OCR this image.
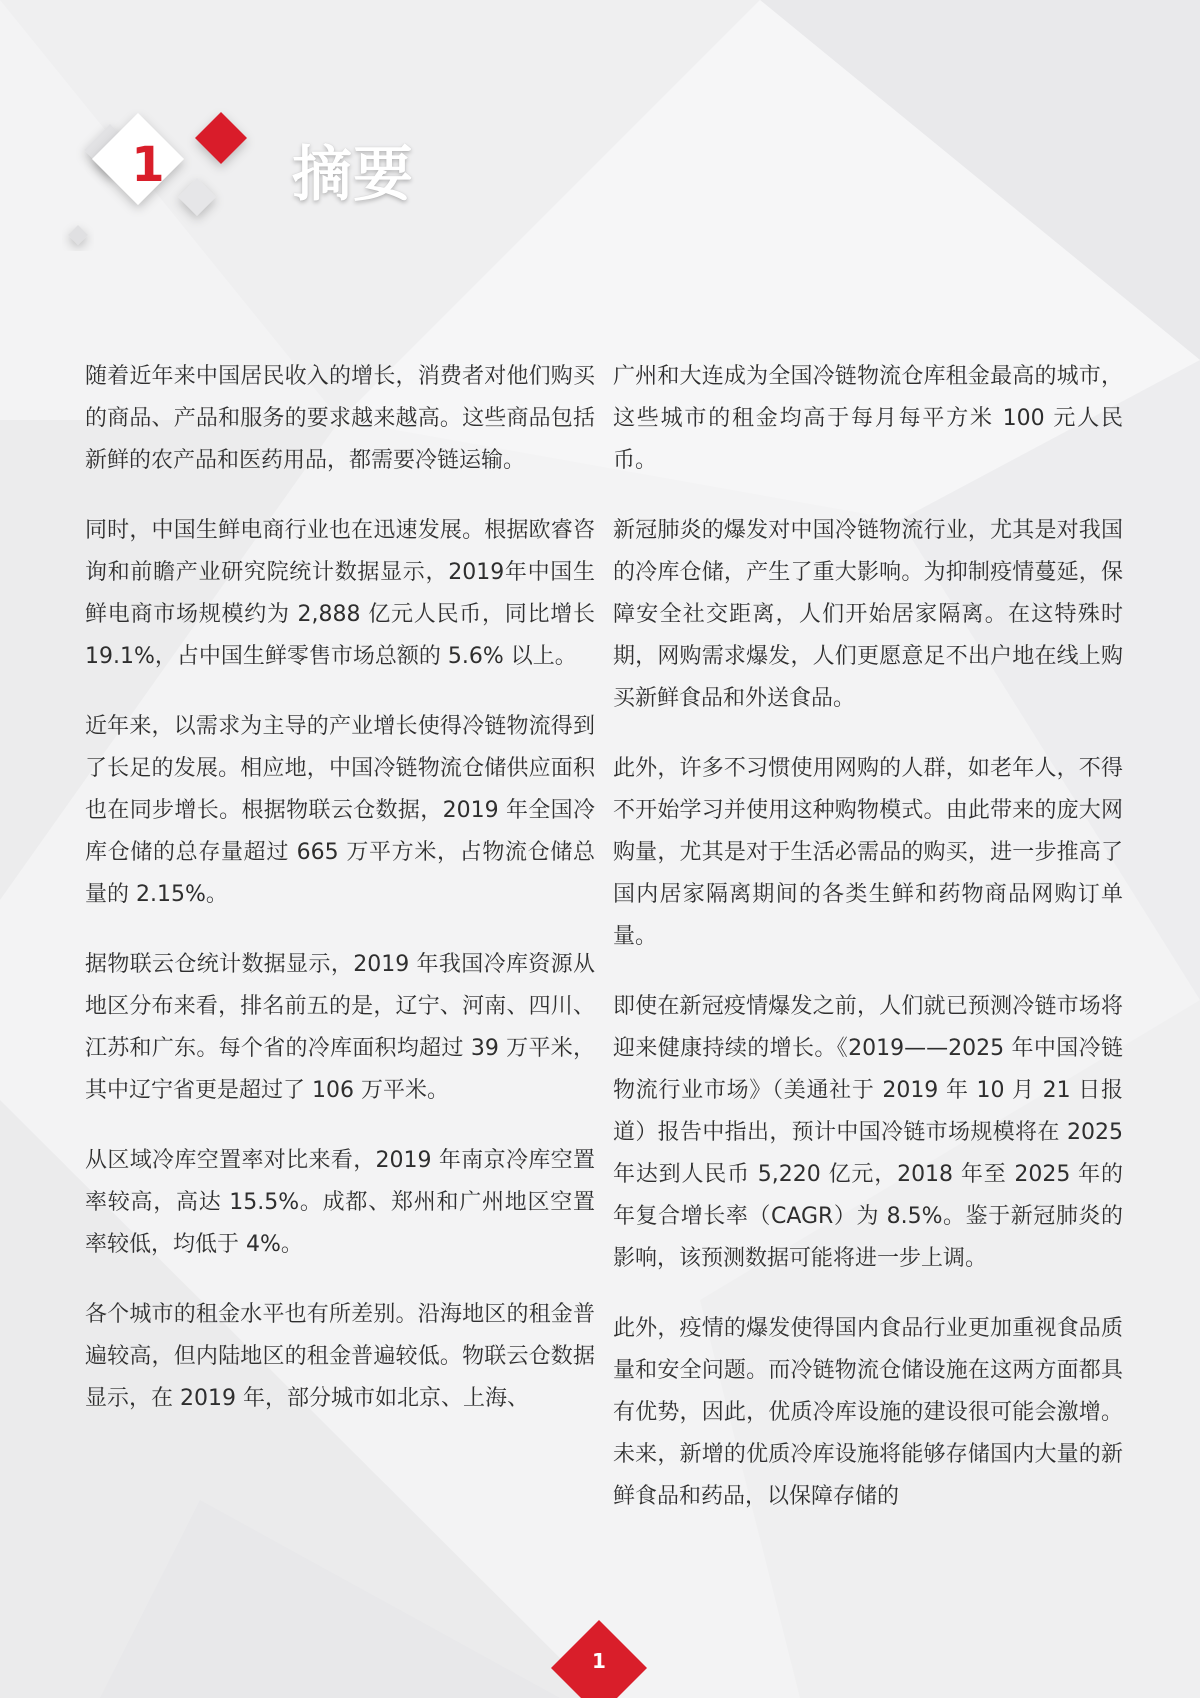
1 摘要

随着近年来中国居民收入的增长，消费者对他们购买的商品、产品和服务的要求越来越高。这些商品包括新鲜的农产品和医药用品，都需要冷链运输。

同时，中国生鲜电商行业也在迅速发展。根据欧睿咨询和前瞻产业研究院统计数据显示，2019年中国生鲜电商市场规模约为 2,888 亿元人民币，同比增长 19.1%，占中国生鲜零售市场总额的 5.6% 以上。

近年来，以需求为主导的产业增长使得冷链物流得到了长足的发展。相应地，中国冷链物流仓储供应面积也在同步增长。根据物联云仓数据，2019 年全国冷库仓储的总存量超过 665 万平方米，占物流仓储总量的 2.15%。

据物联云仓统计数据显示，2019 年我国冷库资源从地区分布来看，排名前五的是，辽宁、河南、四川、江苏和广东。每个省的冷库面积均超过 39 万平米，其中辽宁省更是超过了 106 万平米。

从区域冷库空置率对比来看，2019 年南京冷库空置率较高，高达 15.5%。成都、郑州和广州地区空置率较低，均低于 4%。

各个城市的租金水平也有所差别。沿海地区的租金普遍较高，但内陆地区的租金普遍较低。物联云仓数据显示，在 2019 年，部分城市如北京、上海、

广州和大连成为全国冷链物流仓库租金最高的城市，这些城市的租金均高于每月每平方米 100 元人民币。

新冠肺炎的爆发对中国冷链物流行业，尤其是对我国的冷库仓储，产生了重大影响。为抑制疫情蔓延，保障安全社交距离，人们开始居家隔离。在这特殊时期，网购需求爆发，人们更愿意足不出户地在线上购买新鲜食品和外送食品。

此外，许多不习惯使用网购的人群，如老年人，不得不开始学习并使用这种购物模式。由此带来的庞大网购量，尤其是对于生活必需品的购买，进一步推高了国内居家隔离期间的各类生鲜和药物商品网购订单量。

即使在新冠疫情爆发之前，人们就已预测冷链市场将迎来健康持续的增长。《2019——2025 年中国冷链物流行业市场》（美通社于 2019 年 10 月 21 日报道）报告中指出，预计中国冷链市场规模将在 2025 年达到人民币 5,220 亿元，2018 年至 2025 年的年复合增长率（CAGR）为 8.5%。鉴于新冠肺炎的影响，该预测数据可能将进一步上调。

此外，疫情的爆发使得国内食品行业更加重视食品质量和安全问题。而冷链物流仓储设施在这两方面都具有优势，因此，优质冷库设施的建设很可能会激增。未来，新增的优质冷库设施将能够存储国内大量的新鲜食品和药品，以保障存储的

1
